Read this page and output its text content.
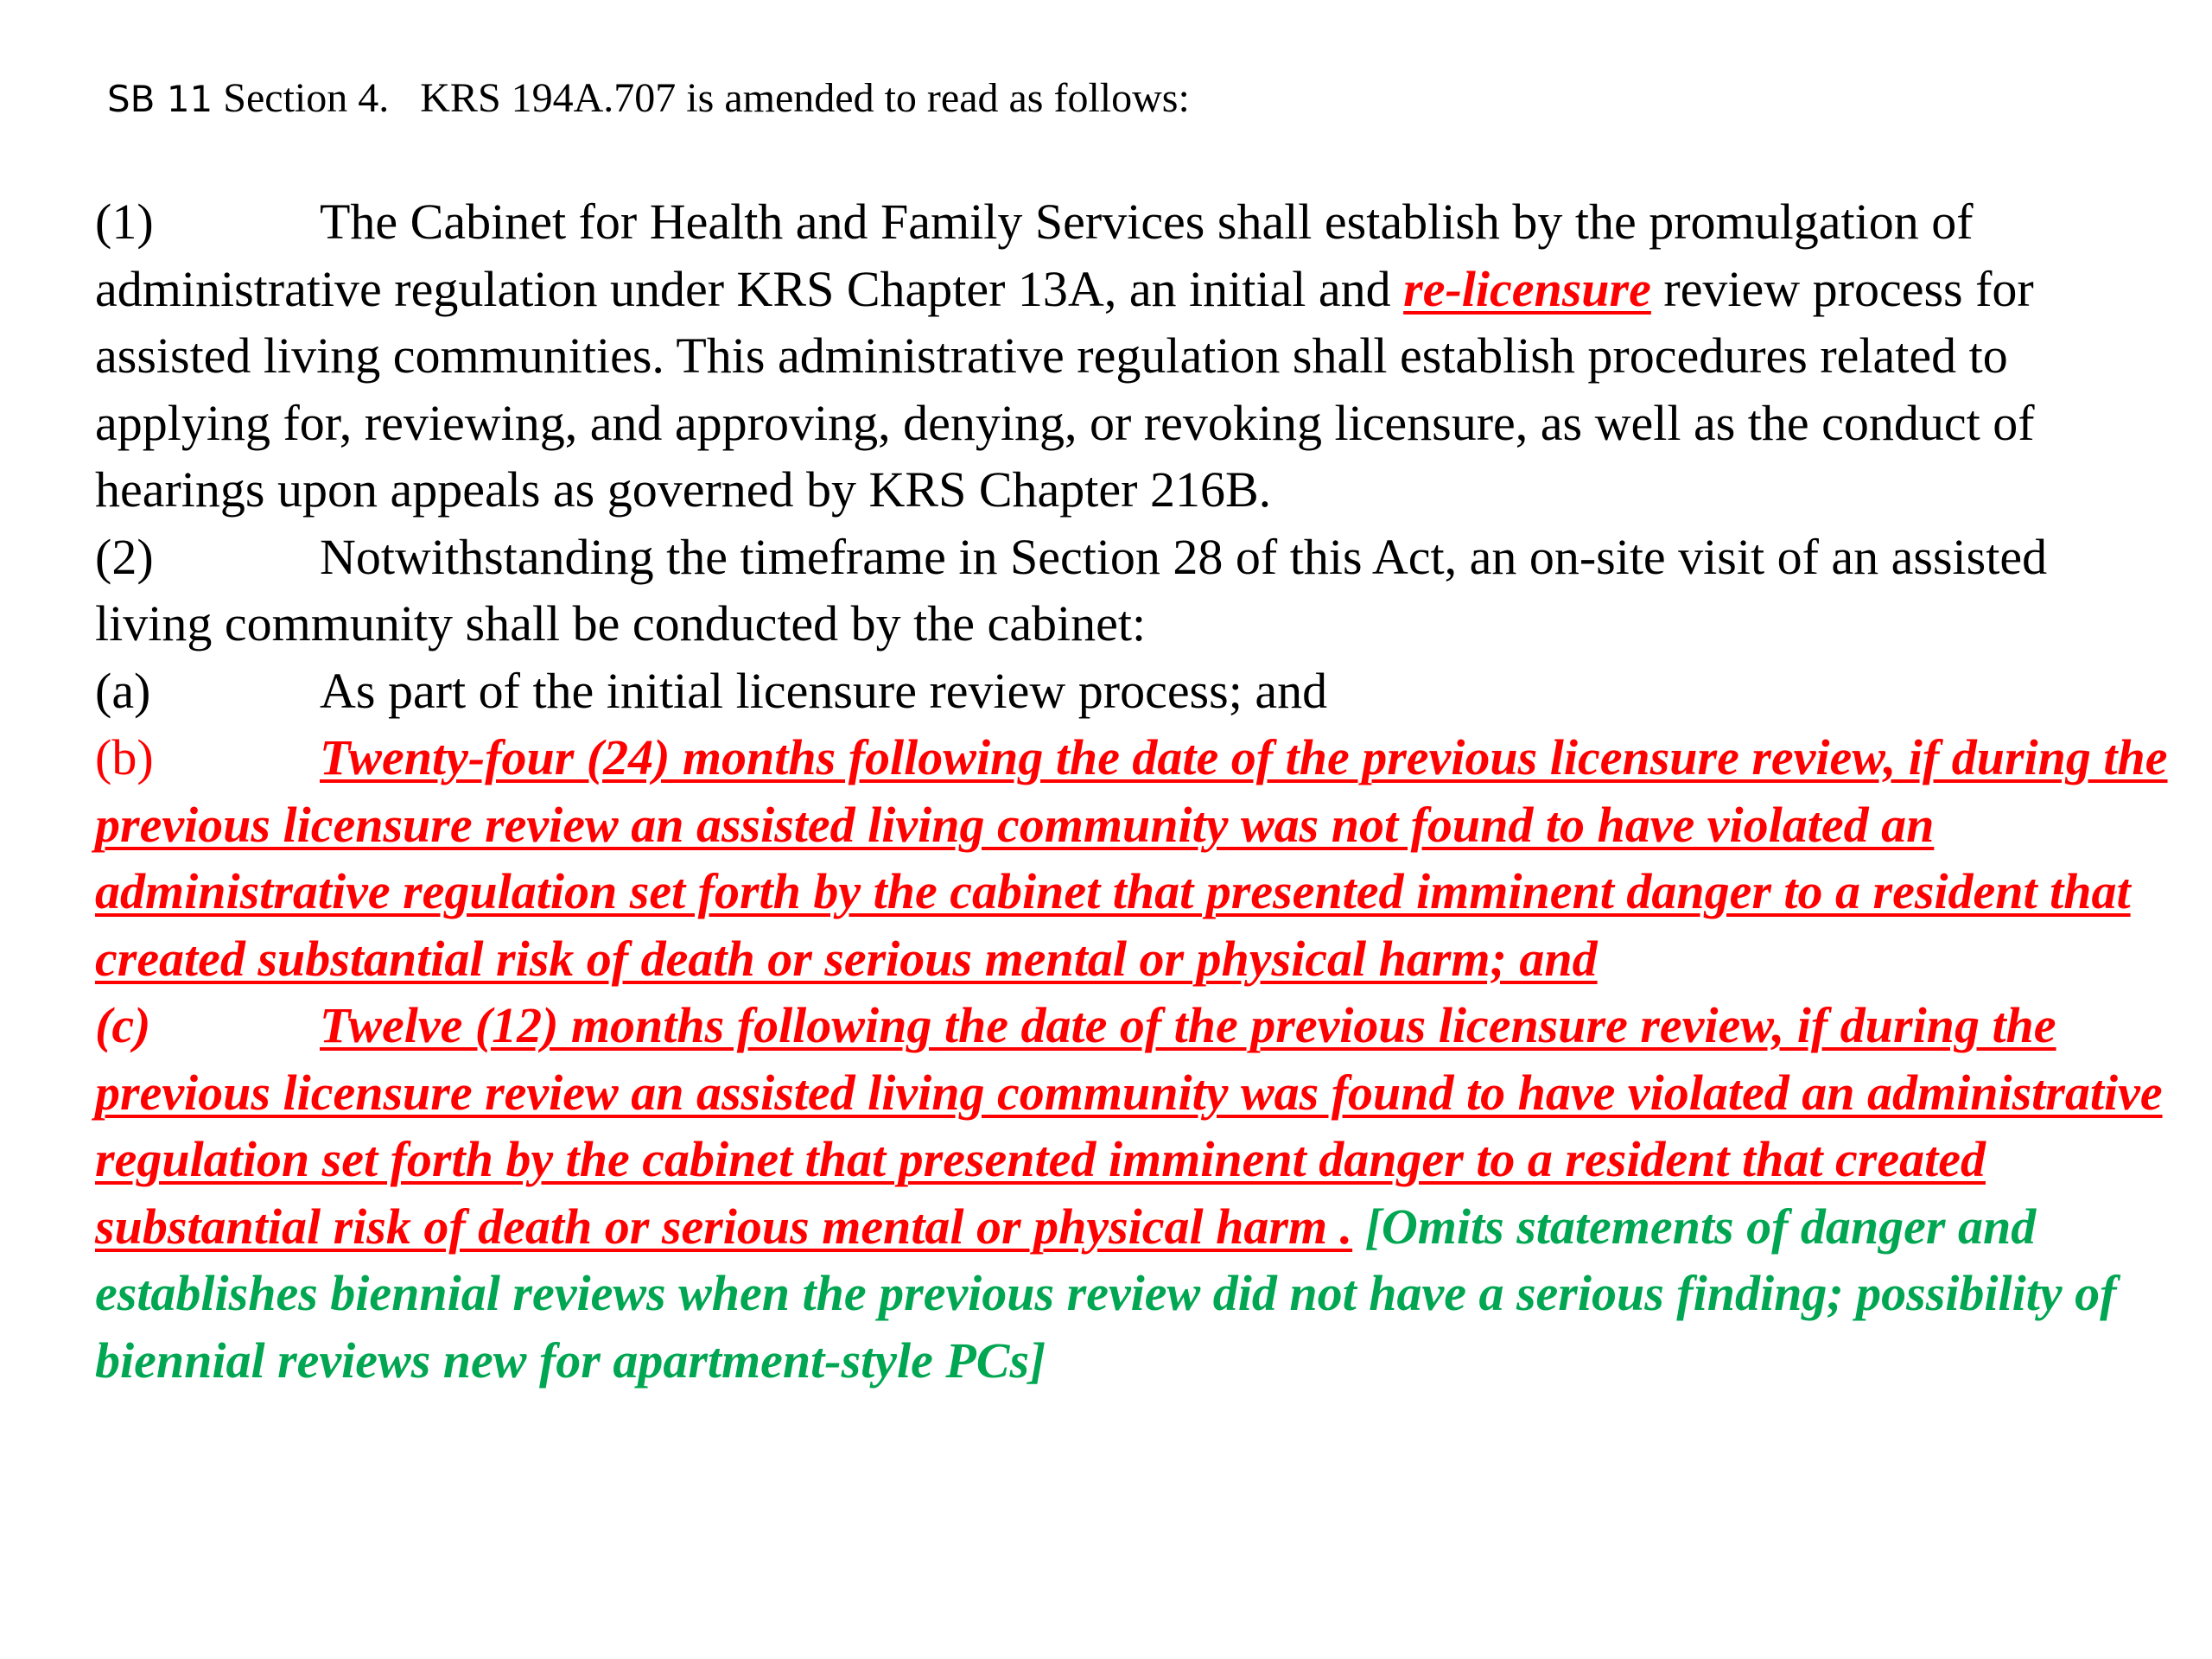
SB 11 Section 4.   KRS 194A.707 is amended to read as follows:
(1)	The Cabinet for Health and Family Services shall establish by the promulgation of administrative regulation under KRS Chapter 13A, an initial and re-licensure review process for assisted living communities. This administrative regulation shall establish procedures related to applying for, reviewing, and approving, denying, or revoking licensure, as well as the conduct of hearings upon appeals as governed by KRS Chapter 216B.
(2)	Notwithstanding the timeframe in Section 28 of this Act, an on-site visit of an assisted living community shall be conducted by the cabinet:
(a)	As part of the initial licensure review process; and
(b)	Twenty-four (24) months following the date of the previous licensure review, if during the previous licensure review an assisted living community was not found to have violated an administrative regulation set forth by the cabinet that presented imminent danger to a resident that created substantial risk of death or serious mental or physical harm; and
(c)	Twelve (12) months following the date of the previous licensure review, if during the previous licensure review an assisted living community was found to have violated an administrative regulation set forth by the cabinet that presented imminent danger to a resident that created substantial risk of death or serious mental or physical harm . [Omits statements of danger and establishes biennial reviews when the previous review did not have a serious finding; possibility of biennial reviews new for apartment-style PCs]
